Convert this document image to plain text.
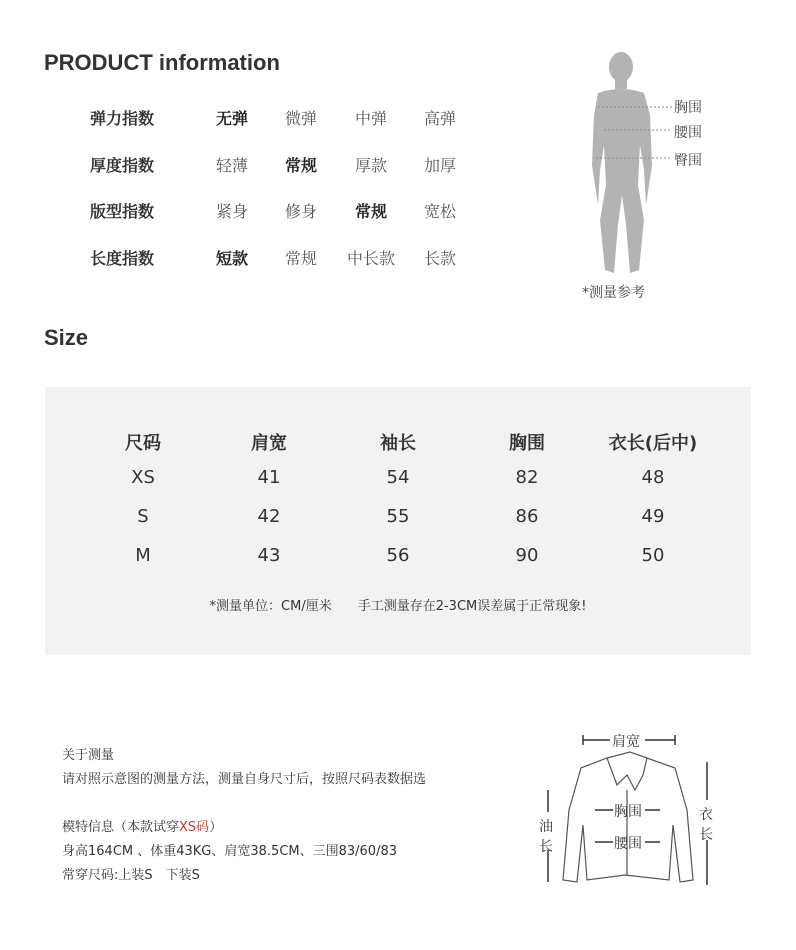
PRODUCT information
弹力指数	无弹	微弹	中弹	高弹
厚度指数	轻薄	常规	厚款	加厚
版型指数	紧身	修身	常规	宽松
长度指数	短款	常规	中长款	长款
胸围
腰围
臀围
*测量参考
Size
尺码	肩宽	袖长	胸围	衣长(后中)
XS	41	54	82	48
S	42	55	86	49
M	43	56	90	50
*测量单位：CM/厘米　　手工测量存在2-3CM误差属于正常现象!
关于测量
请对照示意图的测量方法，测量自身尺寸后，按照尺码表数据选
模特信息（本款试穿XS码）
身高164CM 、体重43KG、肩宽38.5CM、三围83/60/83
常穿尺码:上装S　下装S
肩宽
胸围
腰围
油
长
衣
长
